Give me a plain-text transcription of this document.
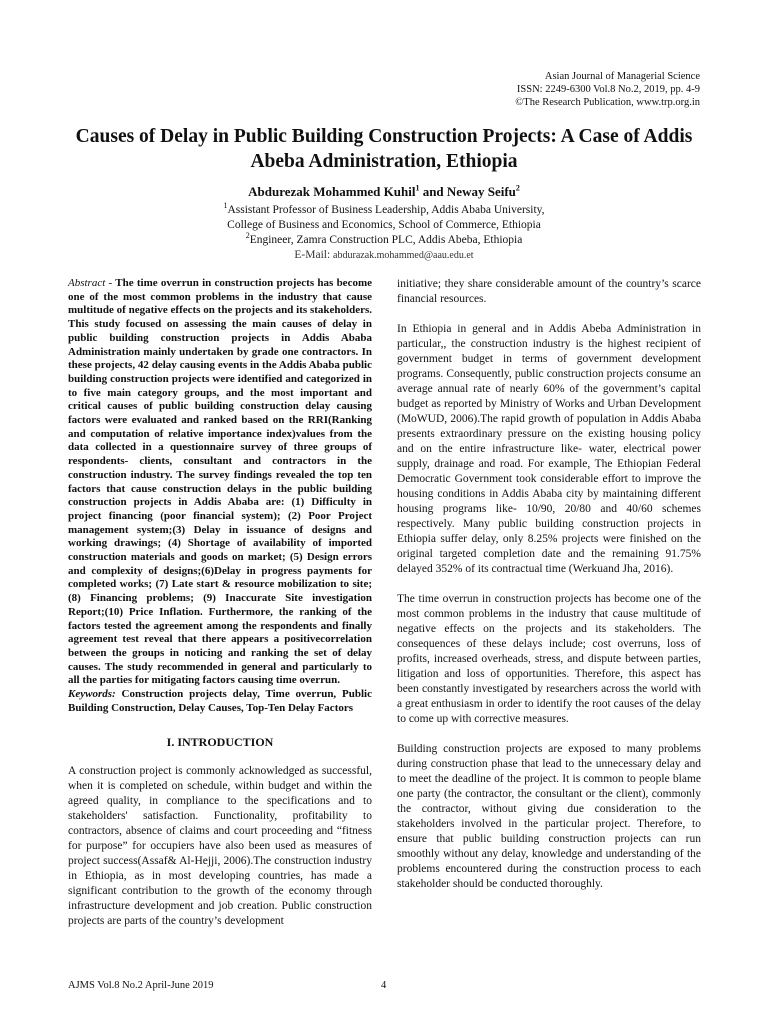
Asian Journal of Managerial Science
ISSN: 2249-6300 Vol.8 No.2, 2019, pp. 4-9
©The Research Publication, www.trp.org.in
Causes of Delay in Public Building Construction Projects: A Case of Addis Abeba Administration, Ethiopia
Abdurezak Mohammed Kuhil$^1$ and Neway Seifu$^2$
$^1$Assistant Professor of Business Leadership, Addis Ababa University,
College of Business and Economics, School of Commerce, Ethiopia
$^2$Engineer, Zamra Construction PLC, Addis Abeba, Ethiopia
E-Mail: abdurazak.mohammed@aau.edu.et

Abstract - The time overrun in construction projects has become one of the most common problems in the industry that cause multitude of negative effects on the projects and its stakeholders. This study focused on assessing the main causes of delay in public building construction projects in Addis Ababa Administration mainly undertaken by grade one contractors. In these projects, 42 delay causing events in the Addis Ababa public building construction projects were identified and categorized in to five main category groups, and the most important and critical causes of public building construction delay causing factors were evaluated and ranked based on the RRI(Ranking and computation of relative importance index)values from the data collected in a questionnaire survey of three groups of respondents- clients, consultant and contractors in the construction industry. The survey findings revealed the top ten factors that cause construction delays in the public building construction projects in Addis Ababa are: (1) Difficulty in project financing (poor financial system); (2) Poor Project management system;(3) Delay in issuance of designs and working drawings; (4) Shortage of availability of imported construction materials and goods on market; (5) Design errors and complexity of designs;(6)Delay in progress payments for completed works; (7) Late start & resource mobilization to site; (8) Financing problems; (9) Inaccurate Site investigation Report;(10) Price Inflation. Furthermore, the ranking of the factors tested the agreement among the respondents and finally agreement test reveal that there appears a positivecorrelation between the groups in noticing and ranking the set of delay causes. The study recommended in general and particularly to all the parties for mitigating factors causing time overrun.

Keywords: Construction projects delay, Time overrun, Public Building Construction, Delay Causes, Top-Ten Delay Factors

I. INTRODUCTION

A construction project is commonly acknowledged as successful, when it is completed on schedule, within budget and within the agreed quality, in compliance to the specifications and to stakeholders' satisfaction. Functionality, profitability to contractors, absence of claims and court proceeding and “fitness for purpose” for occupiers have also been used as measures of project success(Assaf& Al-Hejji, 2006).The construction industry in Ethiopia, as in most developing countries, has made a significant contribution to the growth of the economy through infrastructure development and job creation. Public construction projects are parts of the country’s development

initiative; they share considerable amount of the country’s scarce financial resources.

In Ethiopia in general and in Addis Abeba Administration in particular,, the construction industry is the highest recipient of government budget in terms of government development programs. Consequently, public construction projects consume an average annual rate of nearly 60% of the government’s capital budget as reported by Ministry of Works and Urban Development (MoWUD, 2006).The rapid growth of population in Addis Ababa presents extraordinary pressure on the existing housing policy and on the entire infrastructure like- water, electrical power supply, drainage and road. For example, The Ethiopian Federal Democratic Government took considerable effort to improve the housing conditions in Addis Ababa city by maintaining different housing programs like- 10/90, 20/80 and 40/60 schemes respectively. Many public building construction projects in Ethiopia suffer delay, only 8.25% projects were finished on the original targeted completion date and the remaining 91.75% delayed 352% of its contractual time (Werkuand Jha, 2016).

The time overrun in construction projects has become one of the most common problems in the industry that cause multitude of negative effects on the projects and its stakeholders. The consequences of these delays include; cost overruns, loss of profits, increased overheads, stress, and dispute between parties, litigation and loss of opportunities. Therefore, this aspect has been constantly investigated by researchers across the world with a great enthusiasm in order to identify the root causes of the delay to come up with corrective measures.

Building construction projects are exposed to many problems during construction phase that lead to the unnecessary delay and to meet the deadline of the project. It is common to people blame one party (the contractor, the consultant or the client), commonly the contractor, without giving due consideration to the stakeholders involved in the particular project. Therefore, to ensure that public building construction projects can run smoothly without any delay, knowledge and understanding of the problems encountered during the construction process to each stakeholder should be conducted thoroughly.

AJMS Vol.8 No.2 April-June 2019	4
